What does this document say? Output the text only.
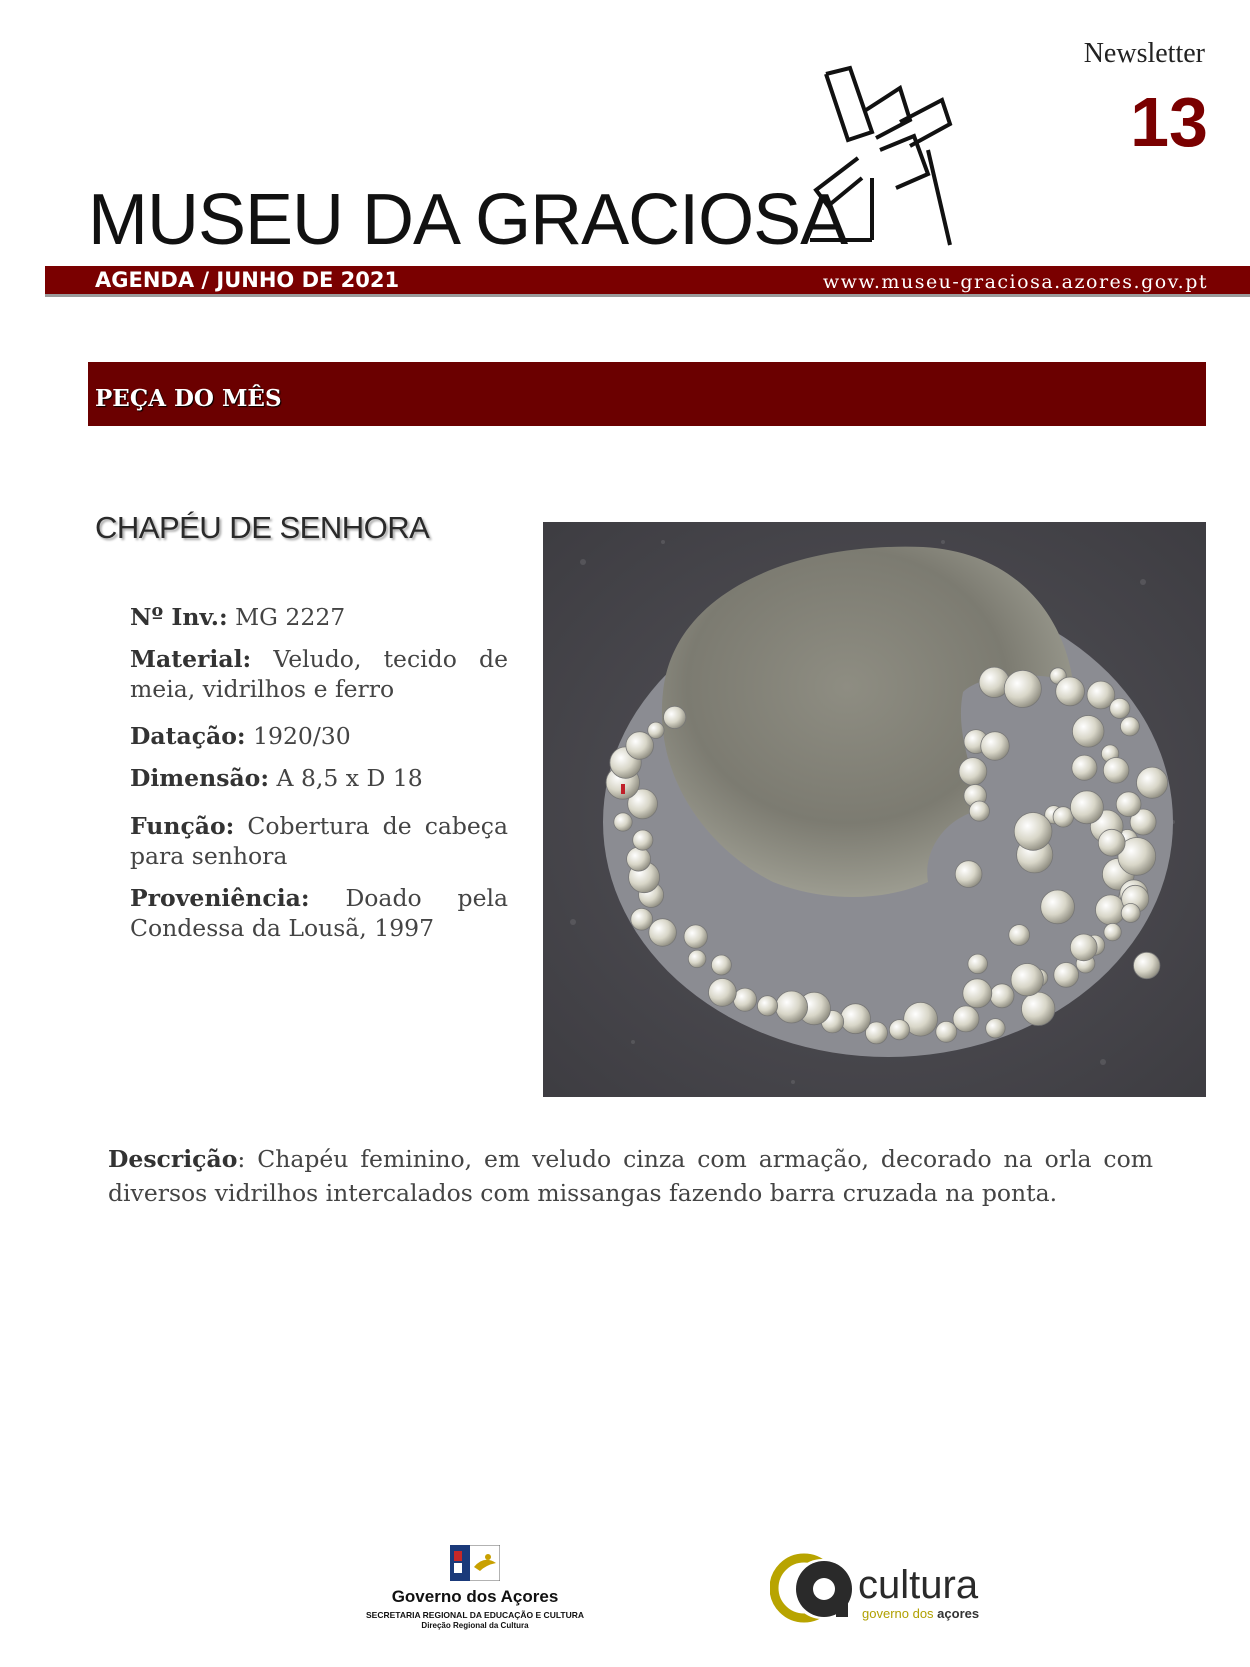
Newsletter
13
MUSEU DA GRACIOSA
AGENDA / JUNHO DE 2021	www.museu-graciosa.azores.gov.pt
PEÇA DO MÊS
CHAPÉU DE SENHORA
Nº Inv.: MG 2227
Material: Veludo, tecido de meia, vidrilhos e ferro
Datação: 1920/30
Dimensão: A 8,5 x D 18
Função: Cobertura de cabeça para senhora
Proveniência: Doado pela Condessa da Lousã, 1997
Descrição: Chapéu feminino, em veludo cinza com armação, decorado na orla com diversos vidrilhos intercalados com missangas fazendo barra cruzada na ponta.
Governo dos Açores
SECRETARIA REGIONAL DA EDUCAÇÃO E CULTURA
Direção Regional da Cultura
cultura
governo dos açores
